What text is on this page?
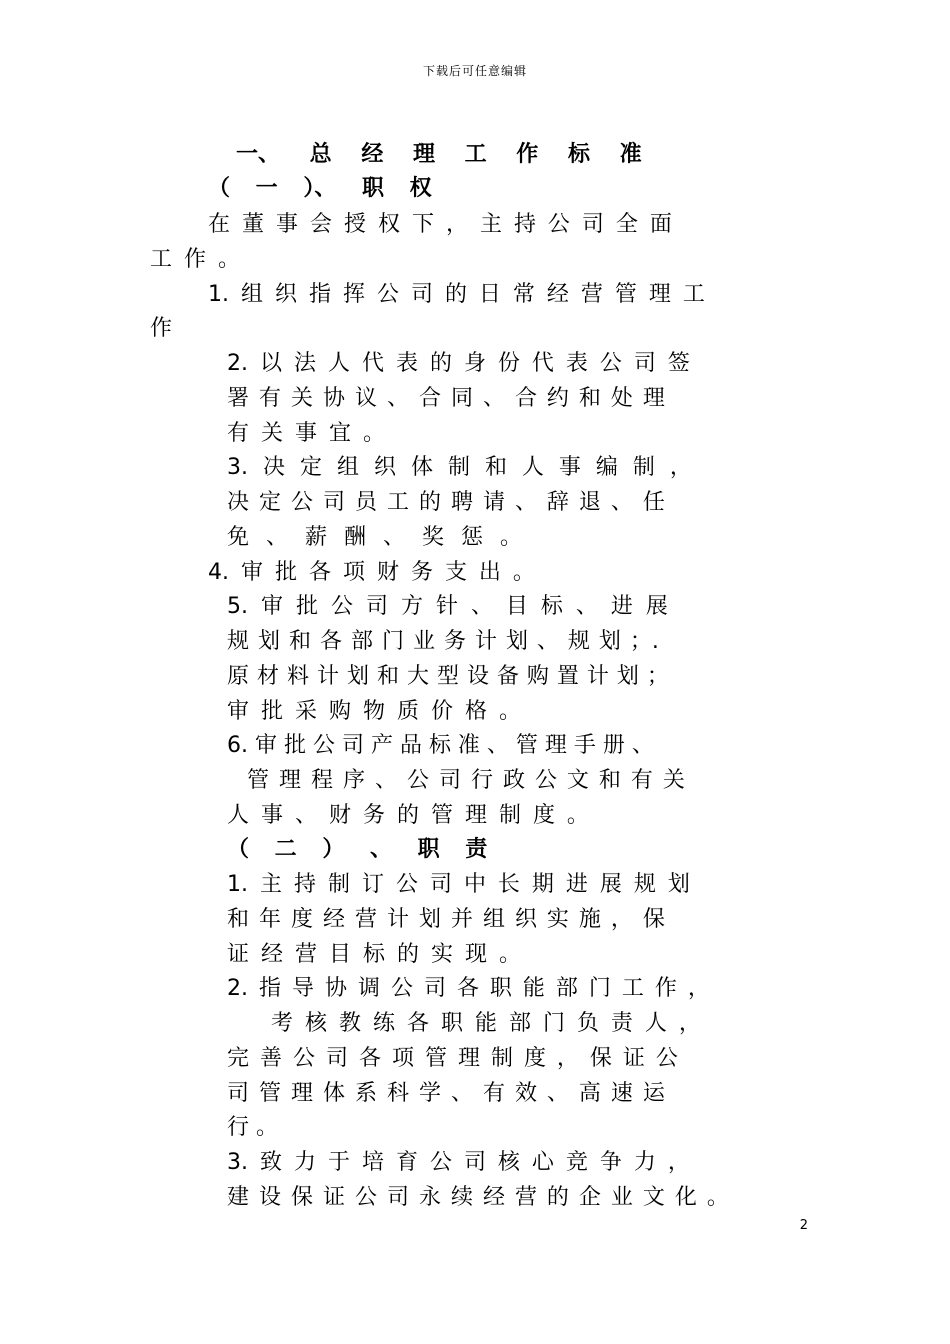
下载后可任意编辑
一、 总 经 理 工 作 标 准
（ 一 ）、 职 权
在 董 事 会 授 权 下 ， 主 持 公 司 全 面
工 作 。
1. 组 织 指 挥 公 司 的 日 常 经 营 管 理 工
作
2. 以 法 人 代 表 的 身 份 代 表 公 司 签
署 有 关 协 议 、 合 同 、 合 约 和 处 理
有 关 事 宜 。
3. 决 定 组 织 体 制 和 人 事 编 制 ，
决 定 公 司 员 工 的 聘 请 、 辞 退 、 任
免 、 薪 酬 、 奖 惩 。
4. 审 批 各 项 财 务 支 出 。
5. 审 批 公 司 方 针 、 目 标 、 进 展
规 划 和 各 部 门 业 务 计 划 、 规 划 ；.
原 材 料 计 划 和 大 型 设 备 购 置 计 划 ；
审 批 采 购 物 质 价 格 。
6. 审 批 公 司 产 品 标 准 、 管 理 手 册 、
管 理 程 序 、 公 司 行 政 公 文 和 有 关
人 事 、 财 务 的 管 理 制 度 。
（ 二 ） 、 职 责
1. 主 持 制 订 公 司 中 长 期 进 展 规 划
和 年 度 经 营 计 划 并 组 织 实 施 ， 保
证 经 营 目 标 的 实 现 。
2. 指 导 协 调 公 司 各 职 能 部 门 工 作 ，
考 核 教 练 各 职 能 部 门 负 责 人 ，
完 善 公 司 各 项 管 理 制 度 ， 保 证 公
司 管 理 体 系 科 学 、 有 效 、 高 速 运
行 。
3. 致 力 于 培 育 公 司 核 心 竞 争 力 ，
建 设 保 证 公 司 永 续 经 营 的 企 业 文 化 。
2
